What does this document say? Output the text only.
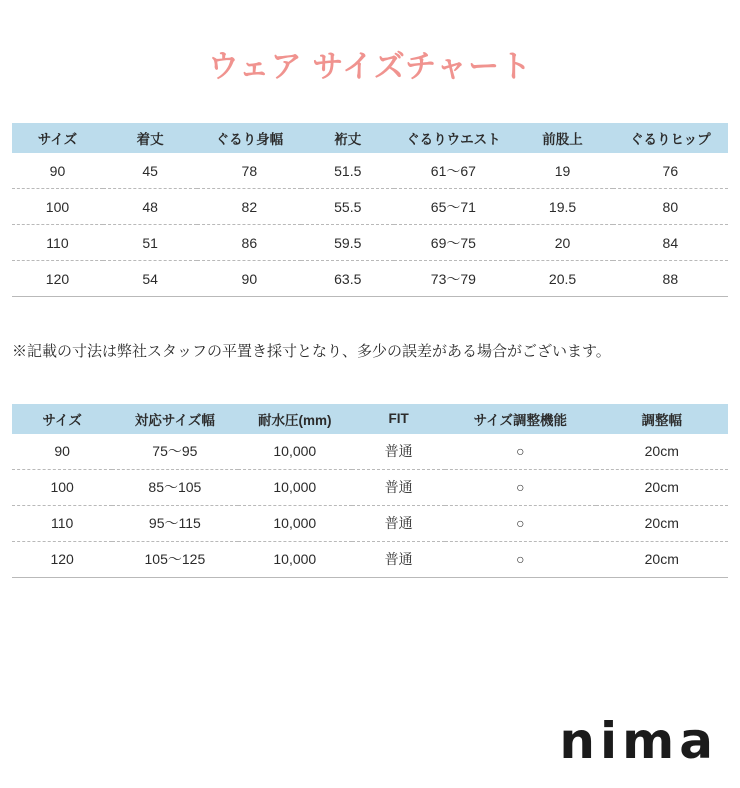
ウェア サイズチャート
サイズ	着丈	ぐるり身幅	裄丈	ぐるりウエスト	前股上	ぐるりヒップ
90	45	78	51.5	61〜67	19	76
100	48	82	55.5	65〜71	19.5	80
110	51	86	59.5	69〜75	20	84
120	54	90	63.5	73〜79	20.5	88
※記載の寸法は弊社スタッフの平置き採寸となり、多少の誤差がある場合がございます。
サイズ	対応サイズ幅	耐水圧(mm)	FIT	サイズ調整機能	調整幅
90	75〜95	10,000	普通	○	20cm
100	85〜105	10,000	普通	○	20cm
110	95〜115	10,000	普通	○	20cm
120	105〜125	10,000	普通	○	20cm
nima
